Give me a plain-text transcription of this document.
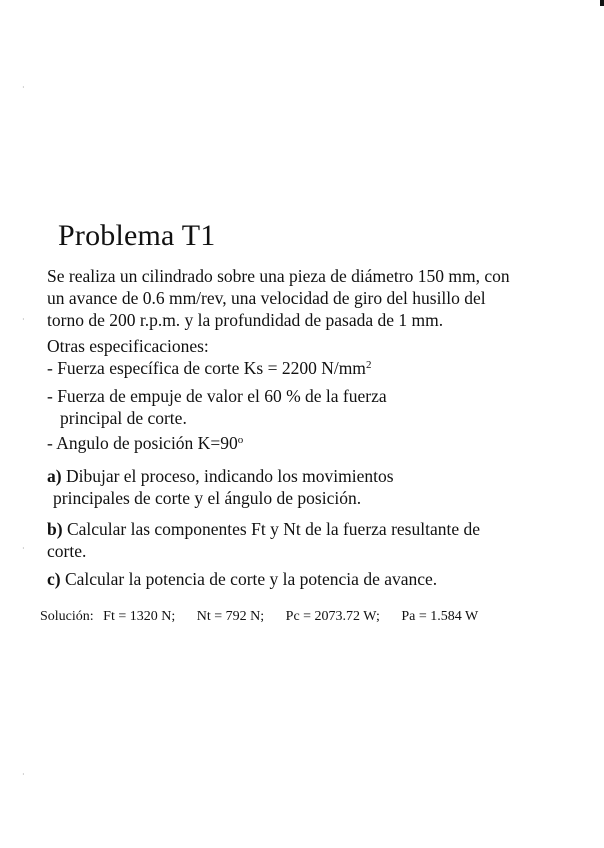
·
·
·
·
Problema T1
Se realiza un cilindrado sobre una pieza de diámetro 150 mm, con
un avance de 0.6 mm/rev, una velocidad de giro del husillo del
torno de 200 r.p.m. y la profundidad de pasada de 1 mm.
Otras especificaciones:
- Fuerza específica de corte Ks = 2200 $N/mm^2$
- Fuerza de empuje de valor el 60 % de la fuerza
principal de corte.
- Angulo de posición $K=90^o$
a) Dibujar el proceso, indicando los movimientos
principales de corte y el ángulo de posición.
b) Calcular las componentes Ft y Nt de la fuerza resultante de
corte.
c) Calcular la potencia de corte y la potencia de avance.
Solución: Ft = 1320 N; Nt = 792 N; Pc = 2073.72 W; Pa = 1.584 W
